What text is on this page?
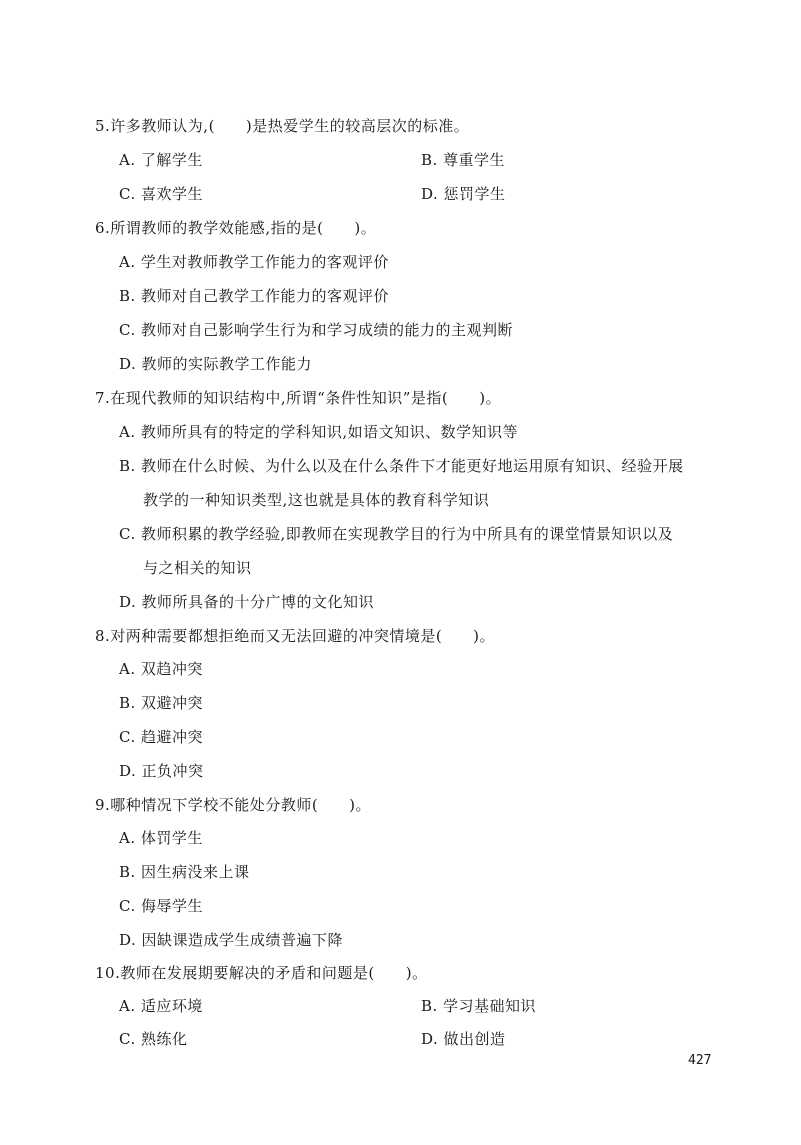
5.许多教师认为,(　　)是热爱学生的较高层次的标准。
A. 了解学生	B. 尊重学生
C. 喜欢学生	D. 惩罚学生
6.所谓教师的教学效能感,指的是(　　)。
A. 学生对教师教学工作能力的客观评价
B. 教师对自己教学工作能力的客观评价
C. 教师对自己影响学生行为和学习成绩的能力的主观判断
D. 教师的实际教学工作能力
7.在现代教师的知识结构中,所谓“条件性知识”是指(　　)。
A. 教师所具有的特定的学科知识,如语文知识、数学知识等
B. 教师在什么时候、为什么以及在什么条件下才能更好地运用原有知识、经验开展
教学的一种知识类型,这也就是具体的教育科学知识
C. 教师积累的教学经验,即教师在实现教学目的行为中所具有的课堂情景知识以及
与之相关的知识
D. 教师所具备的十分广博的文化知识
8.对两种需要都想拒绝而又无法回避的冲突情境是(　　)。
A. 双趋冲突
B. 双避冲突
C. 趋避冲突
D. 正负冲突
9.哪种情况下学校不能处分教师(　　)。
A. 体罚学生
B. 因生病没来上课
C. 侮辱学生
D. 因缺课造成学生成绩普遍下降
10.教师在发展期要解决的矛盾和问题是(　　)。
A. 适应环境	B. 学习基础知识
C. 熟练化	D. 做出创造
427
